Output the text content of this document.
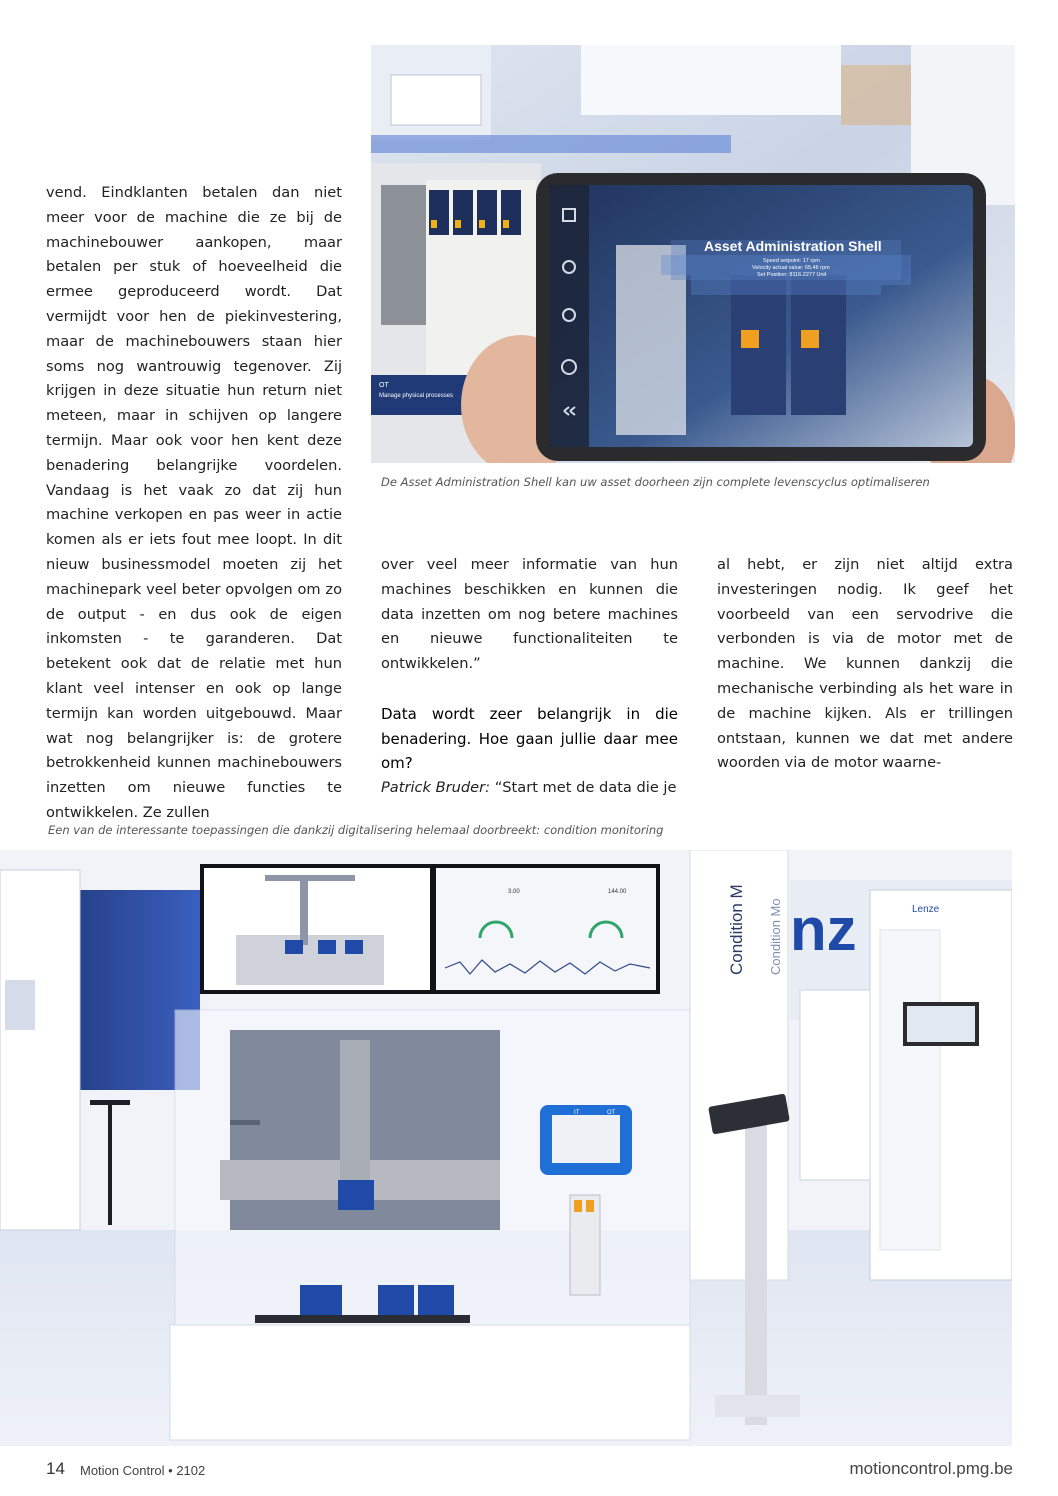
Asset Administration Shell
Speed setpoint: 17 rpm
Velocity actual value: 65.46 rpm
Set Position: 8116.2277 Unit
OT
Manage physical processes
De Asset Administration Shell kan uw asset doorheen zijn complete levenscyclus optimaliseren

vend. Eindklanten betalen dan niet meer voor de machine die ze bij de machinebouwer aankopen, maar betalen per stuk of hoeveelheid die ermee geproduceerd wordt. Dat vermijdt voor hen de piekinvestering, maar de machinebouwers staan hier soms nog wantrouwig tegenover. Zij krijgen in deze situatie hun return niet meteen, maar in schijven op langere termijn. Maar ook voor hen kent deze benadering belangrijke voordelen. Vandaag is het vaak zo dat zij hun machine verkopen en pas weer in actie komen als er iets fout mee loopt. In dit nieuw businessmodel moeten zij het machinepark veel beter opvolgen om zo de output - en dus ook de eigen inkomsten - te garanderen. Dat betekent ook dat de relatie met hun klant veel intenser en ook op lange termijn kan worden uitgebouwd. Maar wat nog belangrijker is: de grotere betrokkenheid kunnen machinebouwers inzetten om nieuwe functies te ontwikkelen. Ze zullen

over veel meer informatie van hun machines beschikken en kunnen die data inzetten om nog betere machines en nieuwe functionaliteiten te ontwikkelen.”

Data wordt zeer belangrijk in die benadering. Hoe gaan jullie daar mee om?

Patrick Bruder: “Start met de data die je

al hebt, er zijn niet altijd extra investeringen nodig. Ik geef het voorbeeld van een servodrive die verbonden is via de motor met de machine. We kunnen dankzij die mechanische verbinding als het ware in de machine kijken. Als er trillingen ontstaan, kunnen we dat met andere woorden via de motor waarne-

Een van de interessante toepassingen die dankzij digitalisering helemaal doorbreekt: condition monitoring
nz	Lenze
Condition M Condition Mo
3.00	144.00
IT	OT
14 Motion Control • 2102	motioncontrol.pmg.be
